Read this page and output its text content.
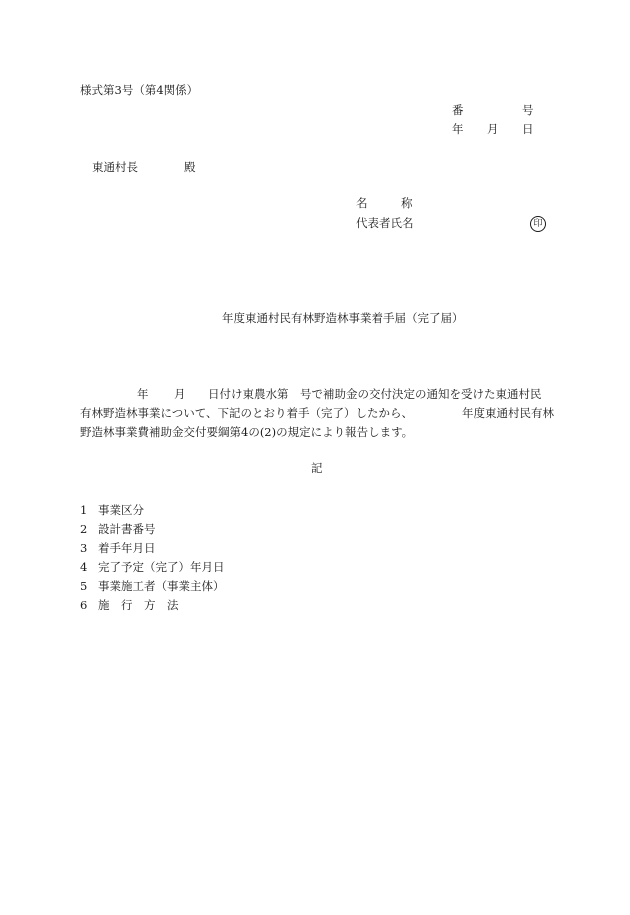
様式第3号（第4関係）
番	号
年 月 日
東通村長	殿
名	称
代表者氏名	印
年度東通村民有林野造林事業着手届（完了届）
年 月 日付け東農水第　号で補助金の交付決定の通知を受けた東通村民
有林野造林事業について、下記のとおり着手（完了）したから、	年度東通村民有林
野造林事業費補助金交付要綱第4の(2)の規定により報告します。
記
1 事業区分
2 設計書番号
3 着手年月日
4 完了予定（完了）年月日
5 事業施工者（事業主体）
6 施　行　方　法
